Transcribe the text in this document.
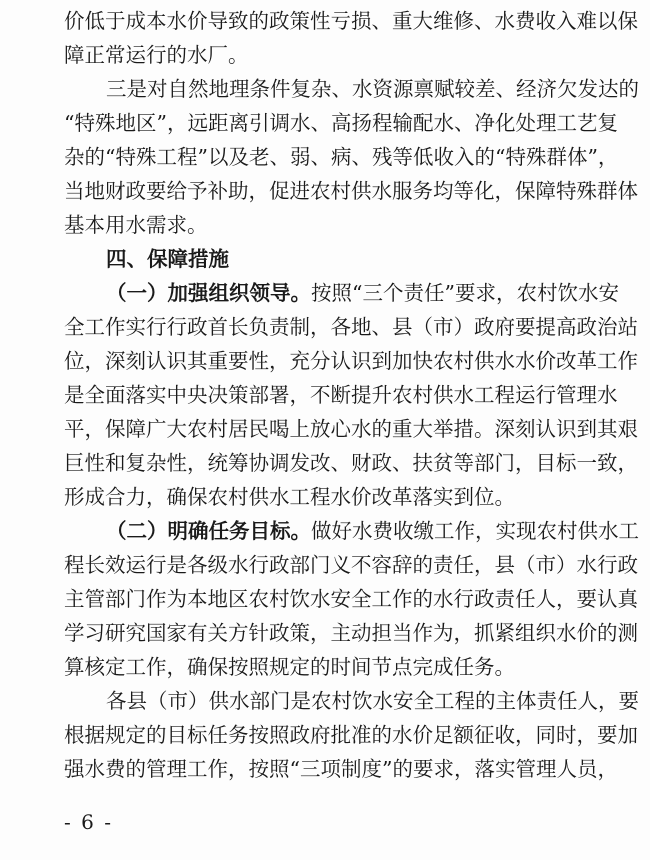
价低于成本水价导致的政策性亏损、重大维修、水费收入难以保
障正常运行的水厂。
三是对自然地理条件复杂、水资源禀赋较差、经济欠发达的
“特殊地区”，远距离引调水、高扬程输配水、净化处理工艺复
杂的“特殊工程”以及老、弱、病、残等低收入的“特殊群体”，
当地财政要给予补助，促进农村供水服务均等化，保障特殊群体
基本用水需求。
四、保障措施
（一）加强组织领导。按照“三个责任”要求，农村饮水安
全工作实行行政首长负责制，各地、县（市）政府要提高政治站
位，深刻认识其重要性，充分认识到加快农村供水水价改革工作
是全面落实中央决策部署，不断提升农村供水工程运行管理水
平，保障广大农村居民喝上放心水的重大举措。深刻认识到其艰
巨性和复杂性，统筹协调发改、财政、扶贫等部门，目标一致，
形成合力，确保农村供水工程水价改革落实到位。
（二）明确任务目标。做好水费收缴工作，实现农村供水工
程长效运行是各级水行政部门义不容辞的责任，县（市）水行政
主管部门作为本地区农村饮水安全工作的水行政责任人，要认真
学习研究国家有关方针政策，主动担当作为，抓紧组织水价的测
算核定工作，确保按照规定的时间节点完成任务。
各县（市）供水部门是农村饮水安全工程的主体责任人，要
根据规定的目标任务按照政府批准的水价足额征收，同时，要加
强水费的管理工作，按照“三项制度”的要求，落实管理人员，
- 6 -
